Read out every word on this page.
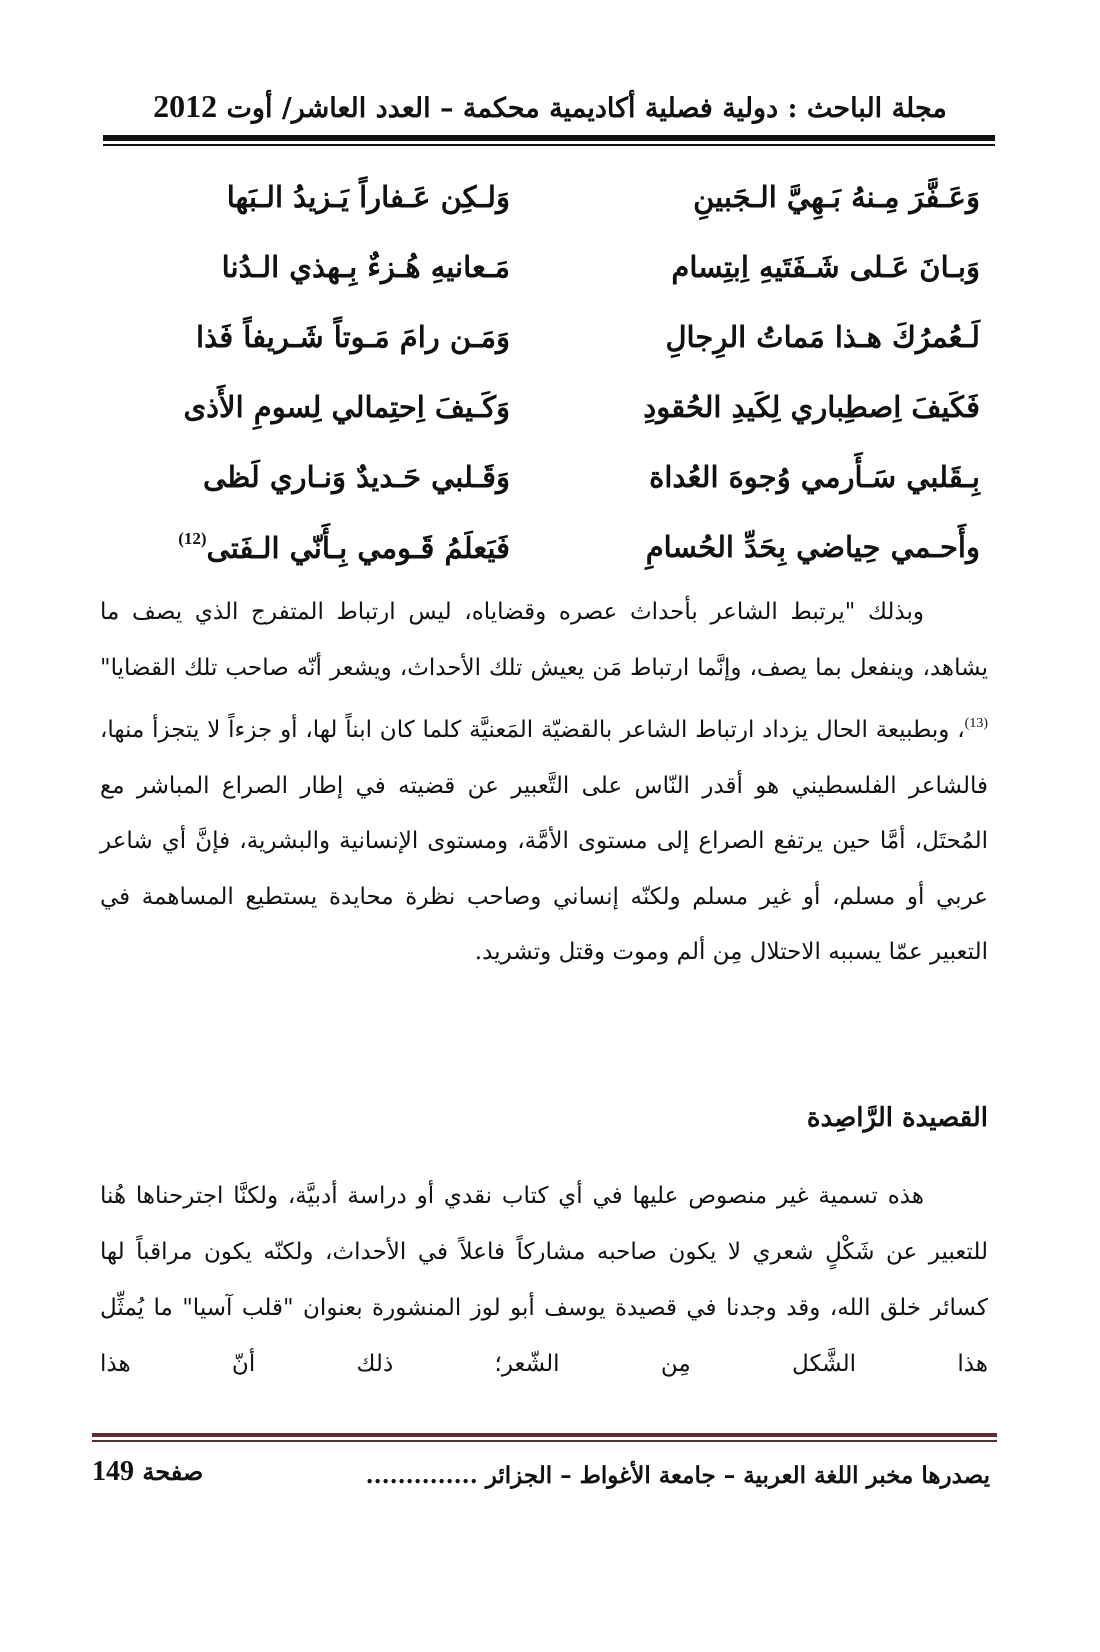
مجلة الباحث : دولية فصلية أكاديمية محكمة – العدد العاشر/ أوت 2012
وَعَـفَّرَ مِـنهُ بَـهِيَّ الـجَبينِ
وَلـكِن عَـفاراً يَـزيدُ الـبَها
وَبـانَ عَـلى شَـفَتَيهِ اِبتِسام
مَـعانيهِ هُـزءٌ بِـهذي الـدُنا
لَـعُمرُكَ هـذا مَماتُ الرِجالِ
وَمَـن رامَ مَـوتاً شَـريفاً فَذا
فَكَيفَ اِصطِباري لِكَيدِ الحُقودِ
وَكَـيفَ اِحتِمالي لِسومِ الأَذى
بِـقَلبي سَـأَرمي وُجوهَ العُداة
وَقَـلبي حَـديدٌ وَنـاري لَظى
وأَحـمي حِياضي بِحَدِّ الحُسامِ
فَيَعلَمُ قَـومي بِـأَنّي الـفَتى$^{(12)}$

وبذلك "يرتبط الشاعر بأحداث عصره وقضاياه، ليس ارتباط المتفرج الذي يصف ما يشاهد، وينفعل بما يصف، وإنَّما ارتباط مَن يعيش تلك الأحداث، ويشعر أنّه صاحب تلك القضايا"$^{(13)}$، وبطبيعة الحال يزداد ارتباط الشاعر بالقضيّة المَعنيَّة كلما كان ابناً لها، أو جزءاً لا يتجزأ منها، فالشاعر الفلسطيني هو أقدر النّاس على التَّعبير عن قضيته في إطار الصراع المباشر مع المُحتَل، أمَّا حين يرتفع الصراع إلى مستوى الأمَّة، ومستوى الإنسانية والبشرية، فإنَّ أي شاعر عربي أو مسلم، أو غير مسلم ولكنّه إنساني وصاحب نظرة محايدة يستطيع المساهمة في التعبير عمّا يسببه الاحتلال مِن ألم وموت وقتل وتشريد.

القصيدة الرَّاصِدة

هذه تسمية غير منصوص عليها في أي كتاب نقدي أو دراسة أدبيَّة، ولكنَّا اجترحناها هُنا للتعبير عن شَكْلٍ شعري لا يكون صاحبه مشاركاً فاعلاً في الأحداث، ولكنّه يكون مراقباً لها كسائر خلق الله، وقد وجدنا في قصيدة يوسف أبو لوز المنشورة بعنوان "قلب آسيا" ما يُمثِّل هذا الشَّكل مِن الشّعر؛ ذلك أنّ هذا

صفحة 149	يصدرها مخبر اللغة العربية – جامعة الأغواط – الجزائر ..............
